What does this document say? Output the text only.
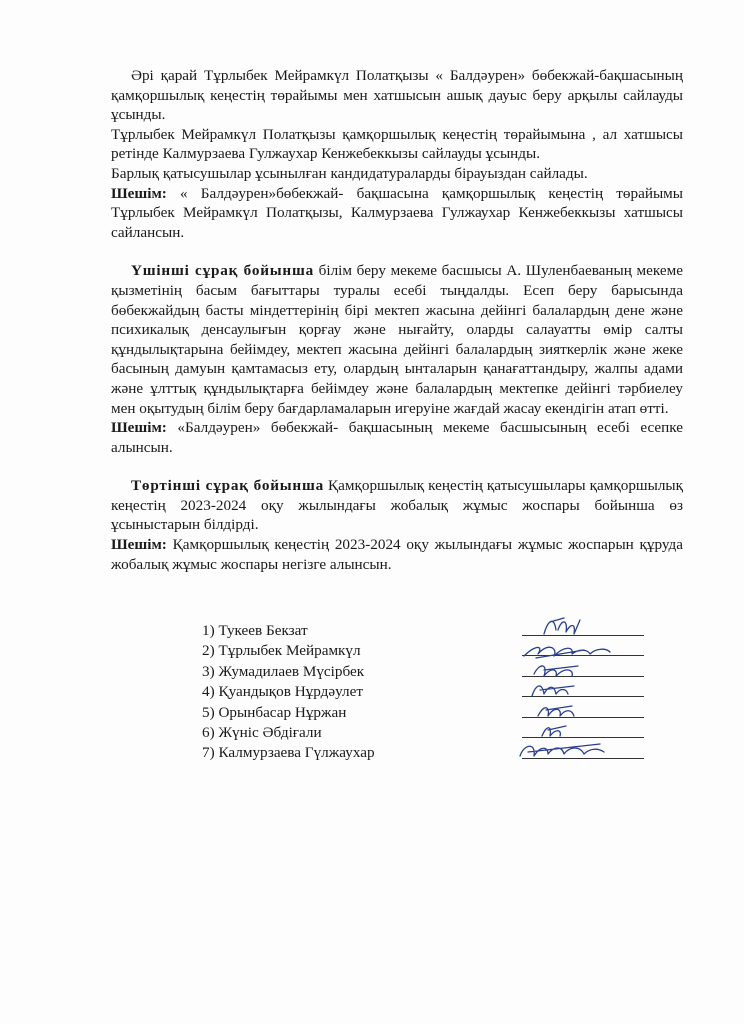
Әрі қарай Тұрлыбек Мейрамкүл Полатқызы « Балдәурен» бөбекжай-бақшасының қамқоршылық кеңестің төрайымы мен хатшысын ашық дауыс беру арқылы сайлауды ұсынды.
Тұрлыбек Мейрамкүл Полатқызы қамқоршылық кеңестің төрайымына , ал хатшысы ретінде Калмурзаева Гулжаухар Кенжебеккызы сайлауды ұсынды.

Барлық қатысушылар ұсынылған кандидатураларды бірауыздан сайлады.

Шешім: « Балдәурен»бөбекжай- бақшасына қамқоршылық кеңестің төрайымы Тұрлыбек Мейрамкүл Полатқызы, Калмурзаева Гулжаухар Кенжебеккызы хатшысы сайлансын.

Үшінші сұрақ бойынша білім беру мекеме басшысы А. Шуленбаеваның мекеме қызметінің басым бағыттары туралы есебі тыңдалды. Есеп беру барысында бөбекжайдың басты міндеттерінің бірі мектеп жасына дейінгі балалардың дене және психикалық денсаулығын қорғау және нығайту, оларды салауатты өмір салты құндылықтарына бейімдеу, мектеп жасына дейінгі балалардың зияткерлік және жеке басының дамуын қамтамасыз ету, олардың ынталарын қанағаттандыру, жалпы адами және ұлттық құндылықтарға бейімдеу және балалардың мектепке дейінгі тәрбиелеу мен оқытудың білім беру бағдарламаларын игеруіне жағдай жасау екендігін атап өтті.

Шешім: «Балдәурен» бөбекжай- бақшасының мекеме басшысының есебі есепке алынсын.

Төртінші сұрақ бойынша Қамқоршылық кеңестің қатысушылары қамқоршылық кеңестің 2023-2024 оқу жылындағы жобалық жұмыс жоспары бойынша өз ұсыныстарын білдірді.

Шешім: Қамқоршылық кеңестің 2023-2024 оқу жылындағы жұмыс жоспарын құруда жобалық жұмыс жоспары негізге алынсын.

1) Тукеев Бекзат
2) Тұрлыбек Мейрамкүл
3) Жумадилаев Мүсірбек
4) Қуандықов Нұрдәулет
5) Орынбасар Нұржан
6) Жүніс Әбдіғали
7) Калмурзаева Гүлжаухар
